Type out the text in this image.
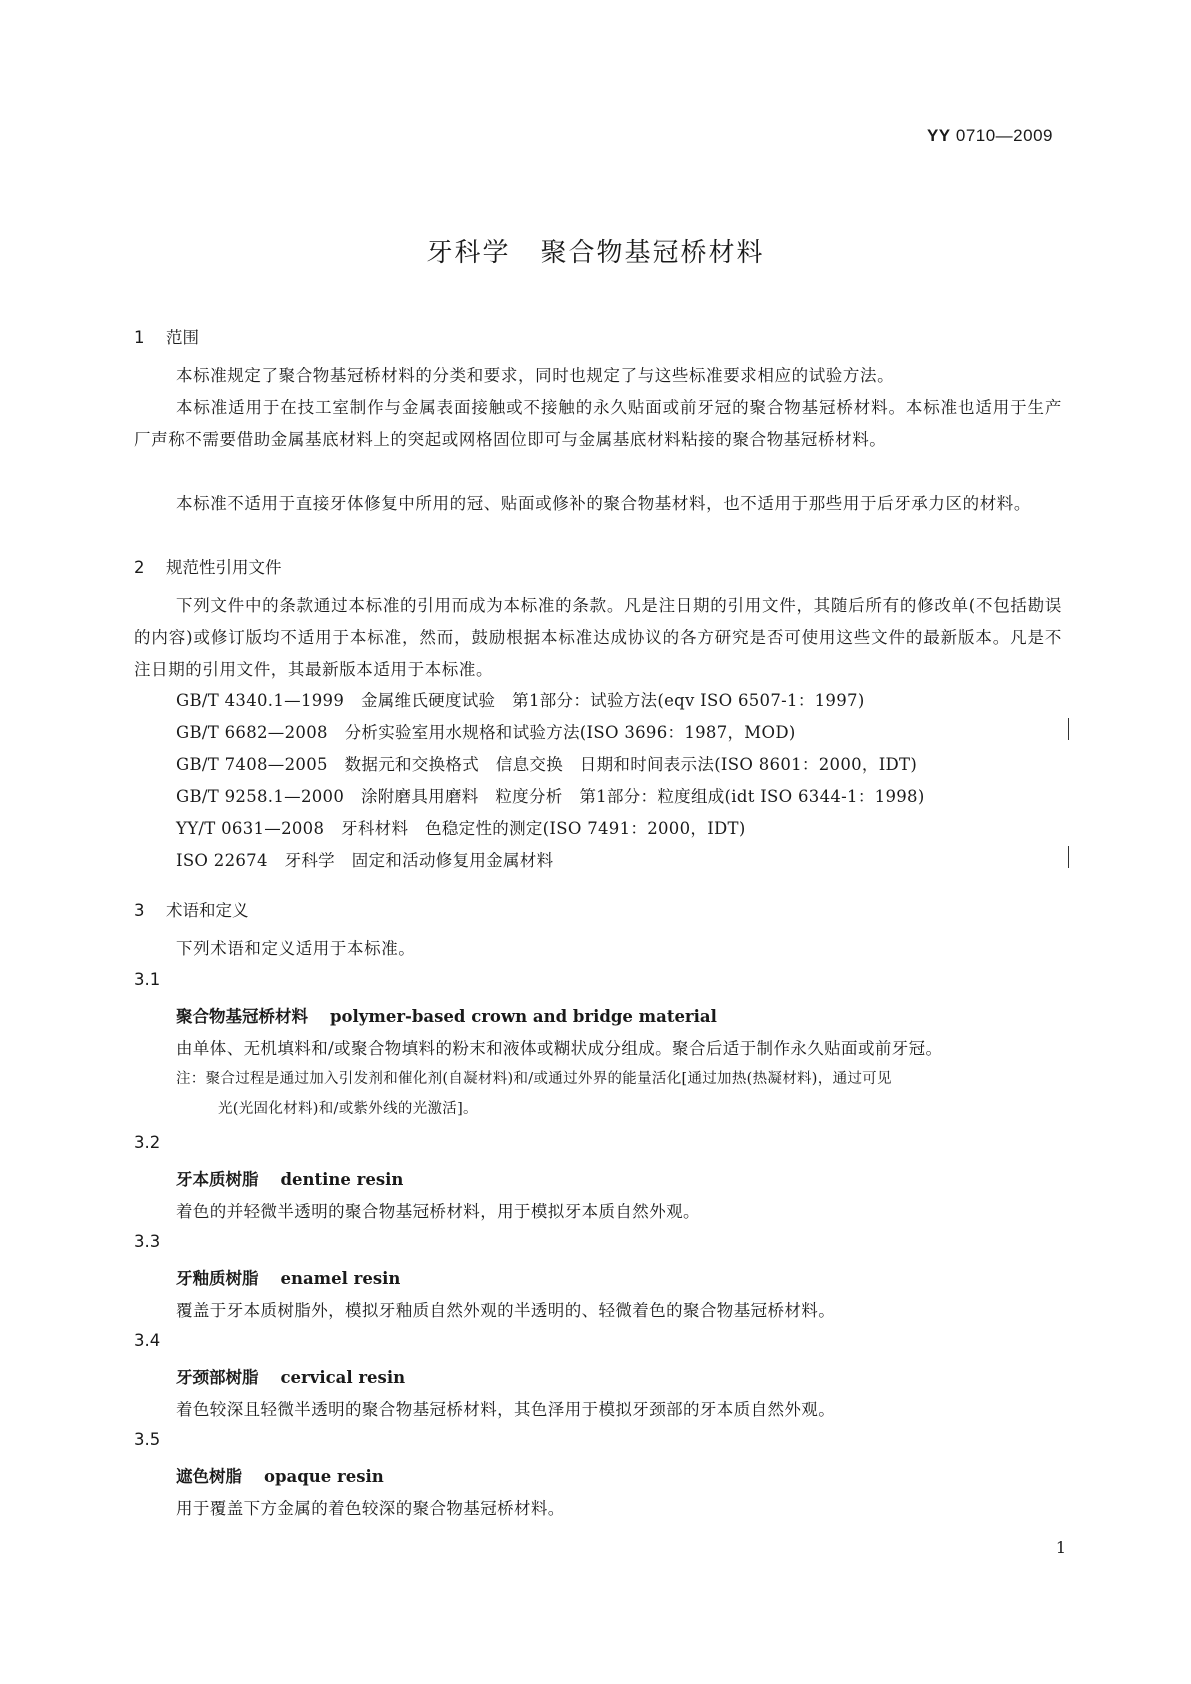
YY 0710—2009
牙科学 聚合物基冠桥材料
1 范围
本标准规定了聚合物基冠桥材料的分类和要求，同时也规定了与这些标准要求相应的试验方法。
本标准适用于在技工室制作与金属表面接触或不接触的永久贴面或前牙冠的聚合物基冠桥材料。本标准也适用于生产厂声称不需要借助金属基底材料上的突起或网格固位即可与金属基底材料粘接的聚合物基冠桥材料。
本标准不适用于直接牙体修复中所用的冠、贴面或修补的聚合物基材料，也不适用于那些用于后牙承力区的材料。
2 规范性引用文件
下列文件中的条款通过本标准的引用而成为本标准的条款。凡是注日期的引用文件，其随后所有的修改单(不包括勘误的内容)或修订版均不适用于本标准，然而，鼓励根据本标准达成协议的各方研究是否可使用这些文件的最新版本。凡是不注日期的引用文件，其最新版本适用于本标准。
GB/T 4340.1—1999　金属维氏硬度试验　第1部分：试验方法(eqv ISO 6507-1：1997)
GB/T 6682—2008　分析实验室用水规格和试验方法(ISO 3696：1987，MOD)
GB/T 7408—2005　数据元和交换格式　信息交换　日期和时间表示法(ISO 8601：2000，IDT)
GB/T 9258.1—2000　涂附磨具用磨料　粒度分析　第1部分：粒度组成(idt ISO 6344-1：1998)
YY/T 0631—2008　牙科材料　色稳定性的测定(ISO 7491：2000，IDT)
ISO 22674　牙科学　固定和活动修复用金属材料
3 术语和定义
下列术语和定义适用于本标准。
3.1
聚合物基冠桥材料 polymer-based crown and bridge material
由单体、无机填料和/或聚合物填料的粉末和液体或糊状成分组成。聚合后适于制作永久贴面或前牙冠。
注：聚合过程是通过加入引发剂和催化剂(自凝材料)和/或通过外界的能量活化[通过加热(热凝材料)，通过可见
光(光固化材料)和/或紫外线的光激活]。
3.2
牙本质树脂 dentine resin
着色的并轻微半透明的聚合物基冠桥材料，用于模拟牙本质自然外观。
3.3
牙釉质树脂 enamel resin
覆盖于牙本质树脂外，模拟牙釉质自然外观的半透明的、轻微着色的聚合物基冠桥材料。
3.4
牙颈部树脂 cervical resin
着色较深且轻微半透明的聚合物基冠桥材料，其色泽用于模拟牙颈部的牙本质自然外观。
3.5
遮色树脂 opaque resin
用于覆盖下方金属的着色较深的聚合物基冠桥材料。
1
